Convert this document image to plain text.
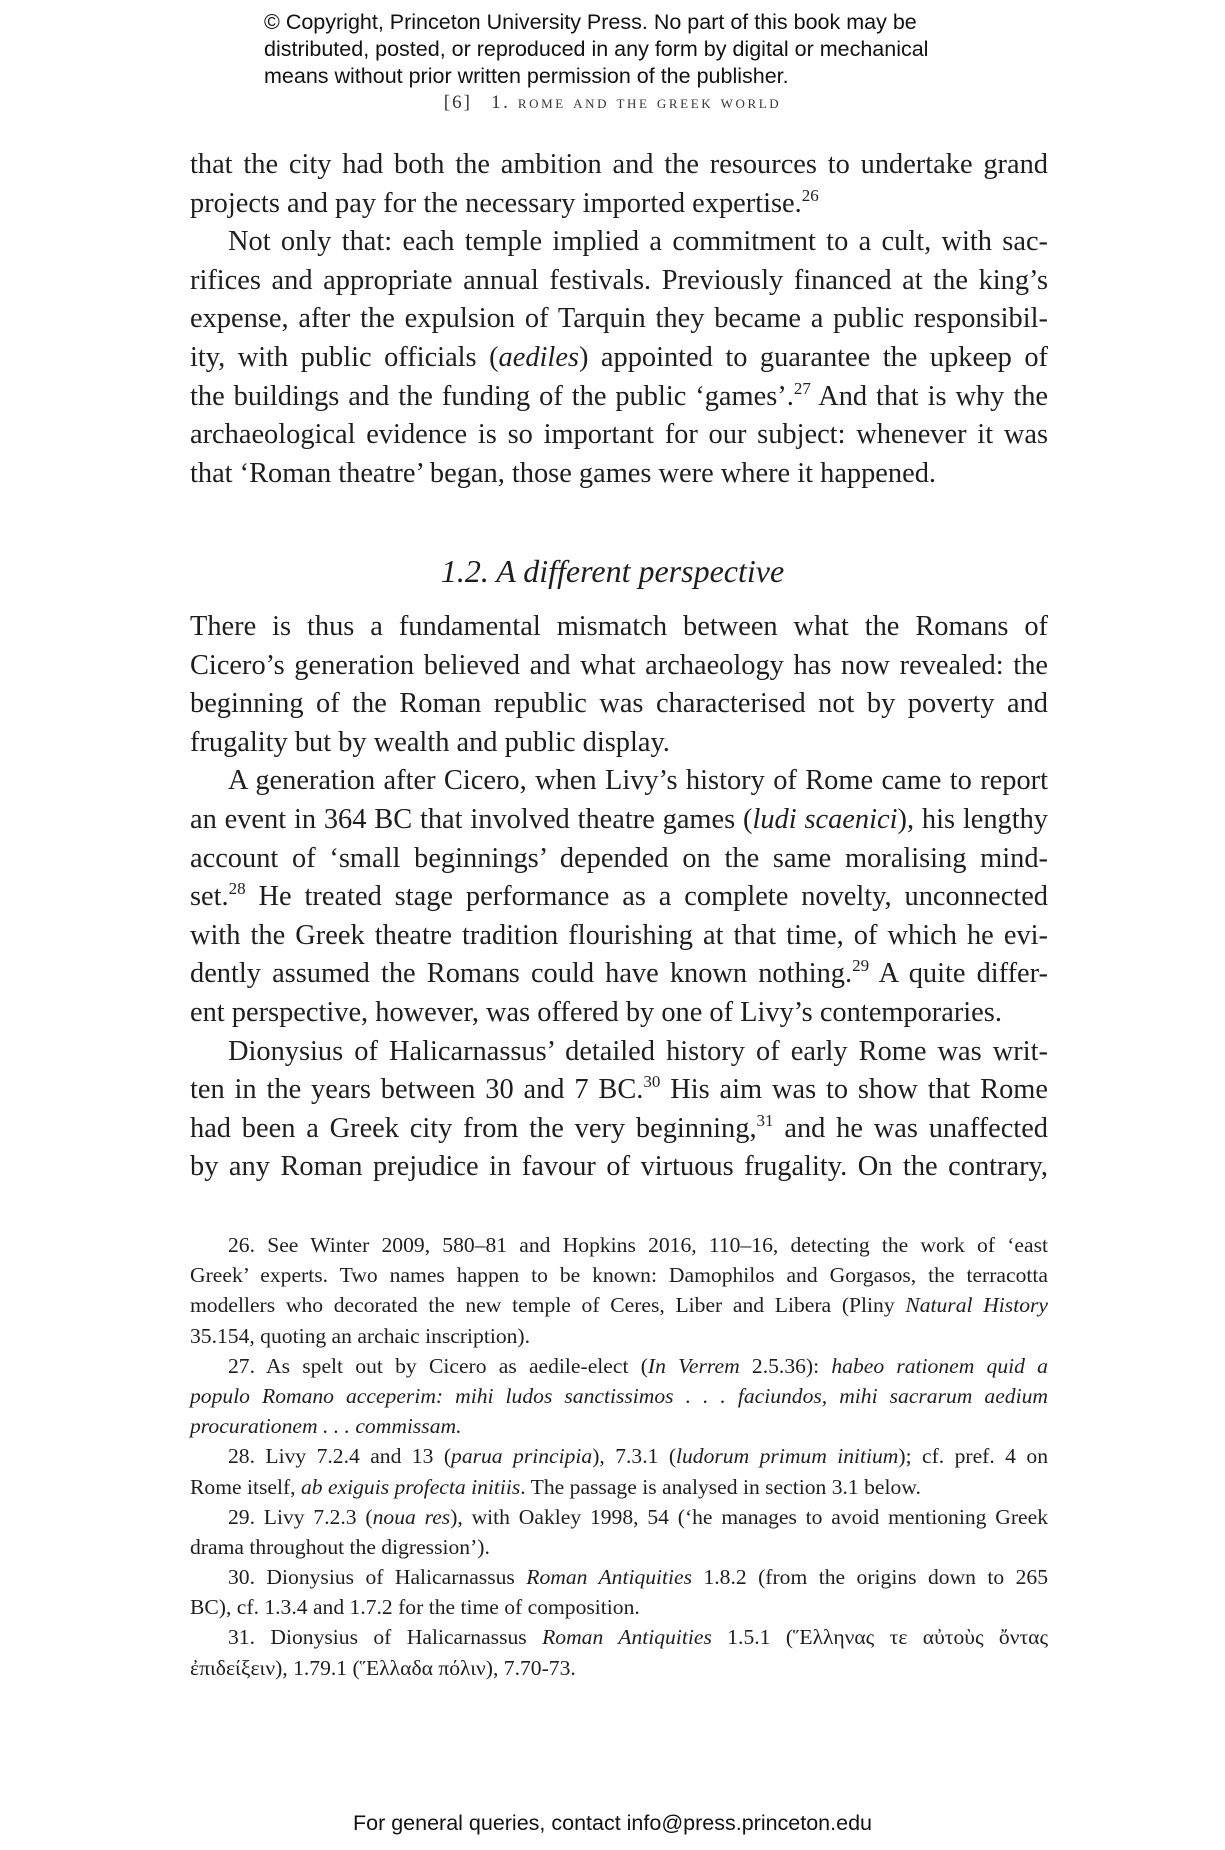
© Copyright, Princeton University Press. No part of this book may be
distributed, posted, or reproduced in any form by digital or mechanical
means without prior written permission of the publisher.
[6] 1. rome and the greek world
that the city had both the ambition and the resources to undertake grand
projects and pay for the necessary imported expertise.$^{26}$
Not only that: each temple implied a commitment to a cult, with sac-
rifices and appropriate annual festivals. Previously financed at the king’s
expense, after the expulsion of Tarquin they became a public responsibil-
ity, with public officials (aediles) appointed to guarantee the upkeep of
the buildings and the funding of the public ‘games’.$^{27}$ And that is why the
archaeological evidence is so important for our subject: whenever it was
that ‘Roman theatre’ began, those games were where it happened.
1.2. A different perspective
There is thus a fundamental mismatch between what the Romans of
Cicero’s generation believed and what archaeology has now revealed: the
beginning of the Roman republic was characterised not by poverty and
frugality but by wealth and public display.
A generation after Cicero, when Livy’s history of Rome came to report
an event in 364 BC that involved theatre games (ludi scaenici), his lengthy
account of ‘small beginnings’ depended on the same moralising mind-
set.$^{28}$ He treated stage performance as a complete novelty, unconnected
with the Greek theatre tradition flourishing at that time, of which he evi-
dently assumed the Romans could have known nothing.$^{29}$ A quite differ-
ent perspective, however, was offered by one of Livy’s contemporaries.
Dionysius of Halicarnassus’ detailed history of early Rome was writ-
ten in the years between 30 and 7 BC.$^{30}$ His aim was to show that Rome
had been a Greek city from the very beginning,$^{31}$ and he was unaffected
by any Roman prejudice in favour of virtuous frugality. On the contrary,
26. See Winter 2009, 580–81 and Hopkins 2016, 110–16, detecting the work of ‘east
Greek’ experts. Two names happen to be known: Damophilos and Gorgasos, the terracotta
modellers who decorated the new temple of Ceres, Liber and Libera (Pliny Natural History
35.154, quoting an archaic inscription).
27. As spelt out by Cicero as aedile-elect (In Verrem 2.5.36): habeo rationem quid a
populo Romano acceperim: mihi ludos sanctissimos . . . faciundos, mihi sacrarum aedium
procurationem . . . commissam.
28. Livy 7.2.4 and 13 (parua principia), 7.3.1 (ludorum primum initium); cf. pref. 4 on
Rome itself, ab exiguis profecta initiis. The passage is analysed in section 3.1 below.
29. Livy 7.2.3 (noua res), with Oakley 1998, 54 (‘he manages to avoid mentioning Greek
drama throughout the digression’).
30. Dionysius of Halicarnassus Roman Antiquities 1.8.2 (from the origins down to 265
BC), cf. 1.3.4 and 1.7.2 for the time of composition.
31. Dionysius of Halicarnassus Roman Antiquities 1.5.1 (Ἕλληνας τε αὐτοὺς ὄντας
ἐπιδείξειν), 1.79.1 (Ἕλλαδα πόλιν), 7.70-73.
For general queries, contact info@press.princeton.edu
